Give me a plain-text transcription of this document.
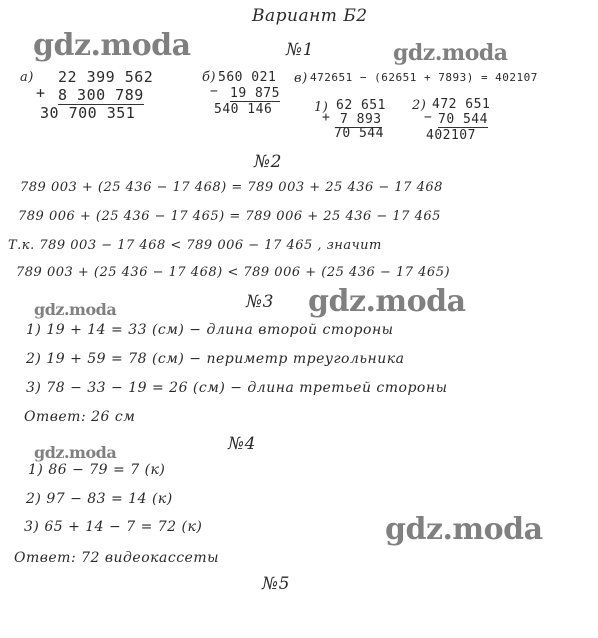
Вариант Б2
№1
gdz.moda	gdz.moda
gdz.moda
gdz.moda
gdz.moda
gdz.moda
а) 22 399 562
+ 8 300 789
30 700 351
б) 560 021
− 19 875
540 146
в) 472651 − (62651 + 7893) = 402107
1) 62 651
+ 7 893
70 544
2) 472 651
− 70 544
402107
№2
789 003 + (25 436 − 17 468) = 789 003 + 25 436 − 17 468
789 006 + (25 436 − 17 465) = 789 006 + 25 436 − 17 465
Т.к. 789 003 − 17 468 < 789 006 − 17 465 , значит
789 003 + (25 436 − 17 468) < 789 006 + (25 436 − 17 465)
№3
1) 19 + 14 = 33 (см) − длина второй стороны
2) 19 + 59 = 78 (см) − периметр треугольника
3) 78 − 33 − 19 = 26 (см) − длина третьей стороны
Ответ: 26 см
№4
1) 86 − 79 = 7 (к)
2) 97 − 83 = 14 (к)
3) 65 + 14 − 7 = 72 (к)
Ответ: 72 видеокассеты
№5
